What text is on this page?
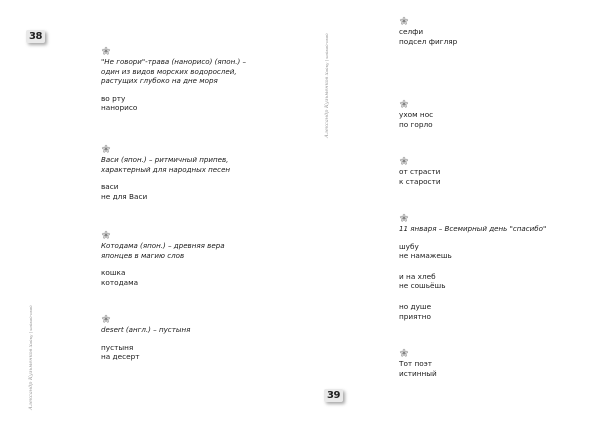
38
Александр Кузьменков Хайку | хайкай-ской

"Не говори"-трава (нанорисо) (япон.) –
один из видов морских водорослей,
растущих глубоко на дне моря

во рту
нанорисо

Васи (япон.) – ритмичный припев,
характерный для народных песен

васи
не для Васи

Котодама (япон.) – древняя вера
японцев в магию слов

кошка
котодама

desert (англ.) – пустыня

пустыня
на десерт

39
Александр Кузьменков Хайку | хайкай-ской

селфи
подсел фигляр

ухом нос
по горло

от страсти
к старости

11 января – Всемирный день "спасибо"

шубу
не намажешь

и на хлеб
не сошьёшь

но душе
приятно

Тот поэт
истинный
